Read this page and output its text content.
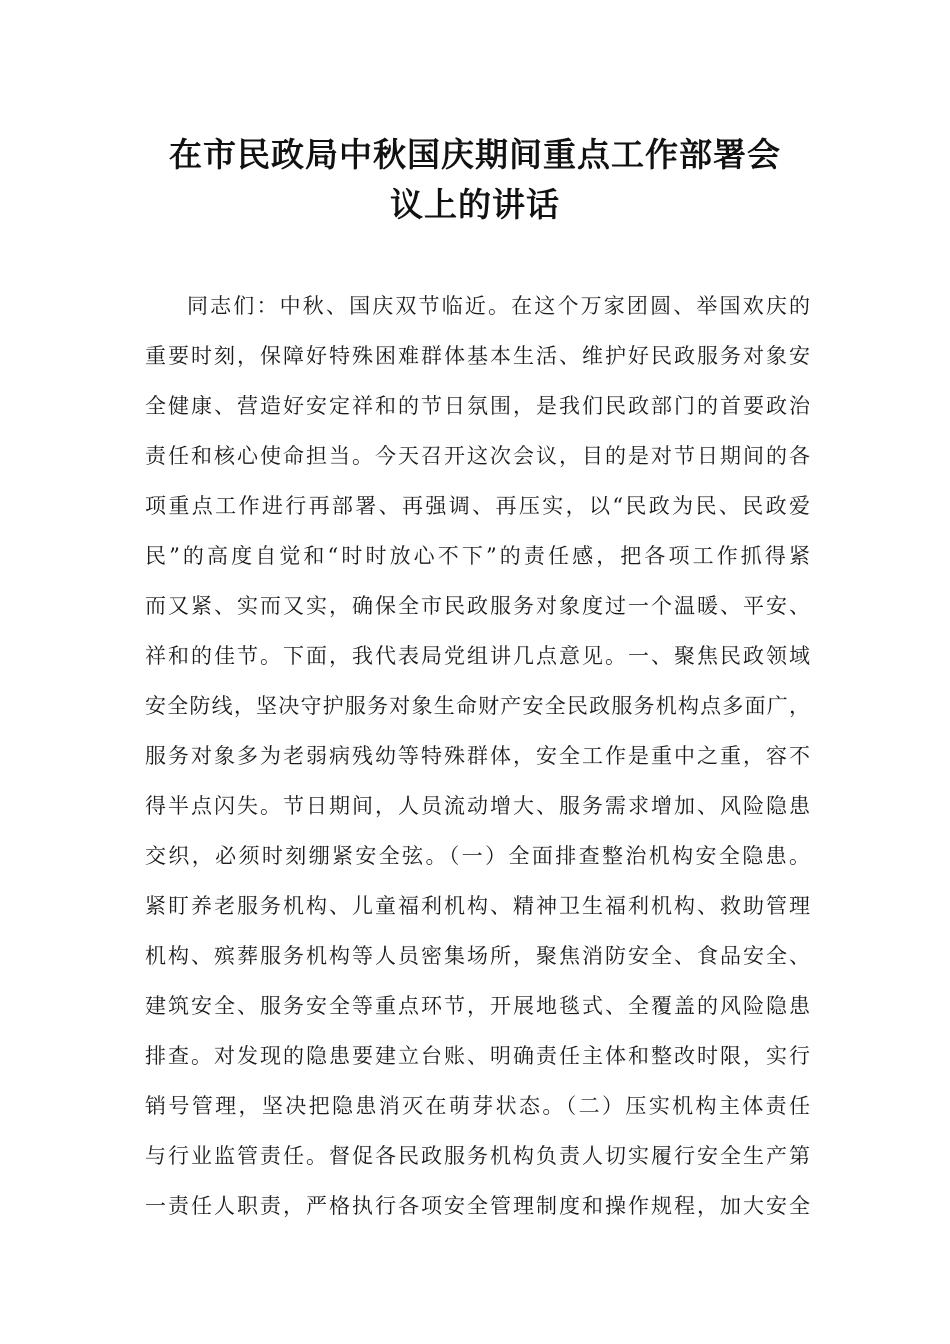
在市民政局中秋国庆期间重点工作部署会
议上的讲话
同志们：中秋、国庆双节临近。在这个万家团圆、举国欢庆的
重要时刻，保障好特殊困难群体基本生活、维护好民政服务对象安
全健康、营造好安定祥和的节日氛围，是我们民政部门的首要政治
责任和核心使命担当。今天召开这次会议，目的是对节日期间的各
项重点工作进行再部署、再强调、再压实，以“民政为民、民政爱
民”的高度自觉和“时时放心不下”的责任感，把各项工作抓得紧
而又紧、实而又实，确保全市民政服务对象度过一个温暖、平安、
祥和的佳节。下面，我代表局党组讲几点意见。一、聚焦民政领域
安全防线，坚决守护服务对象生命财产安全民政服务机构点多面广，
服务对象多为老弱病残幼等特殊群体，安全工作是重中之重，容不
得半点闪失。节日期间，人员流动增大、服务需求增加、风险隐患
交织，必须时刻绷紧安全弦。（一）全面排查整治机构安全隐患。
紧盯养老服务机构、儿童福利机构、精神卫生福利机构、救助管理
机构、殡葬服务机构等人员密集场所，聚焦消防安全、食品安全、
建筑安全、服务安全等重点环节，开展地毯式、全覆盖的风险隐患
排查。对发现的隐患要建立台账、明确责任主体和整改时限，实行
销号管理，坚决把隐患消灭在萌芽状态。（二）压实机构主体责任
与行业监管责任。督促各民政服务机构负责人切实履行安全生产第
一责任人职责，严格执行各项安全管理制度和操作规程，加大安全
